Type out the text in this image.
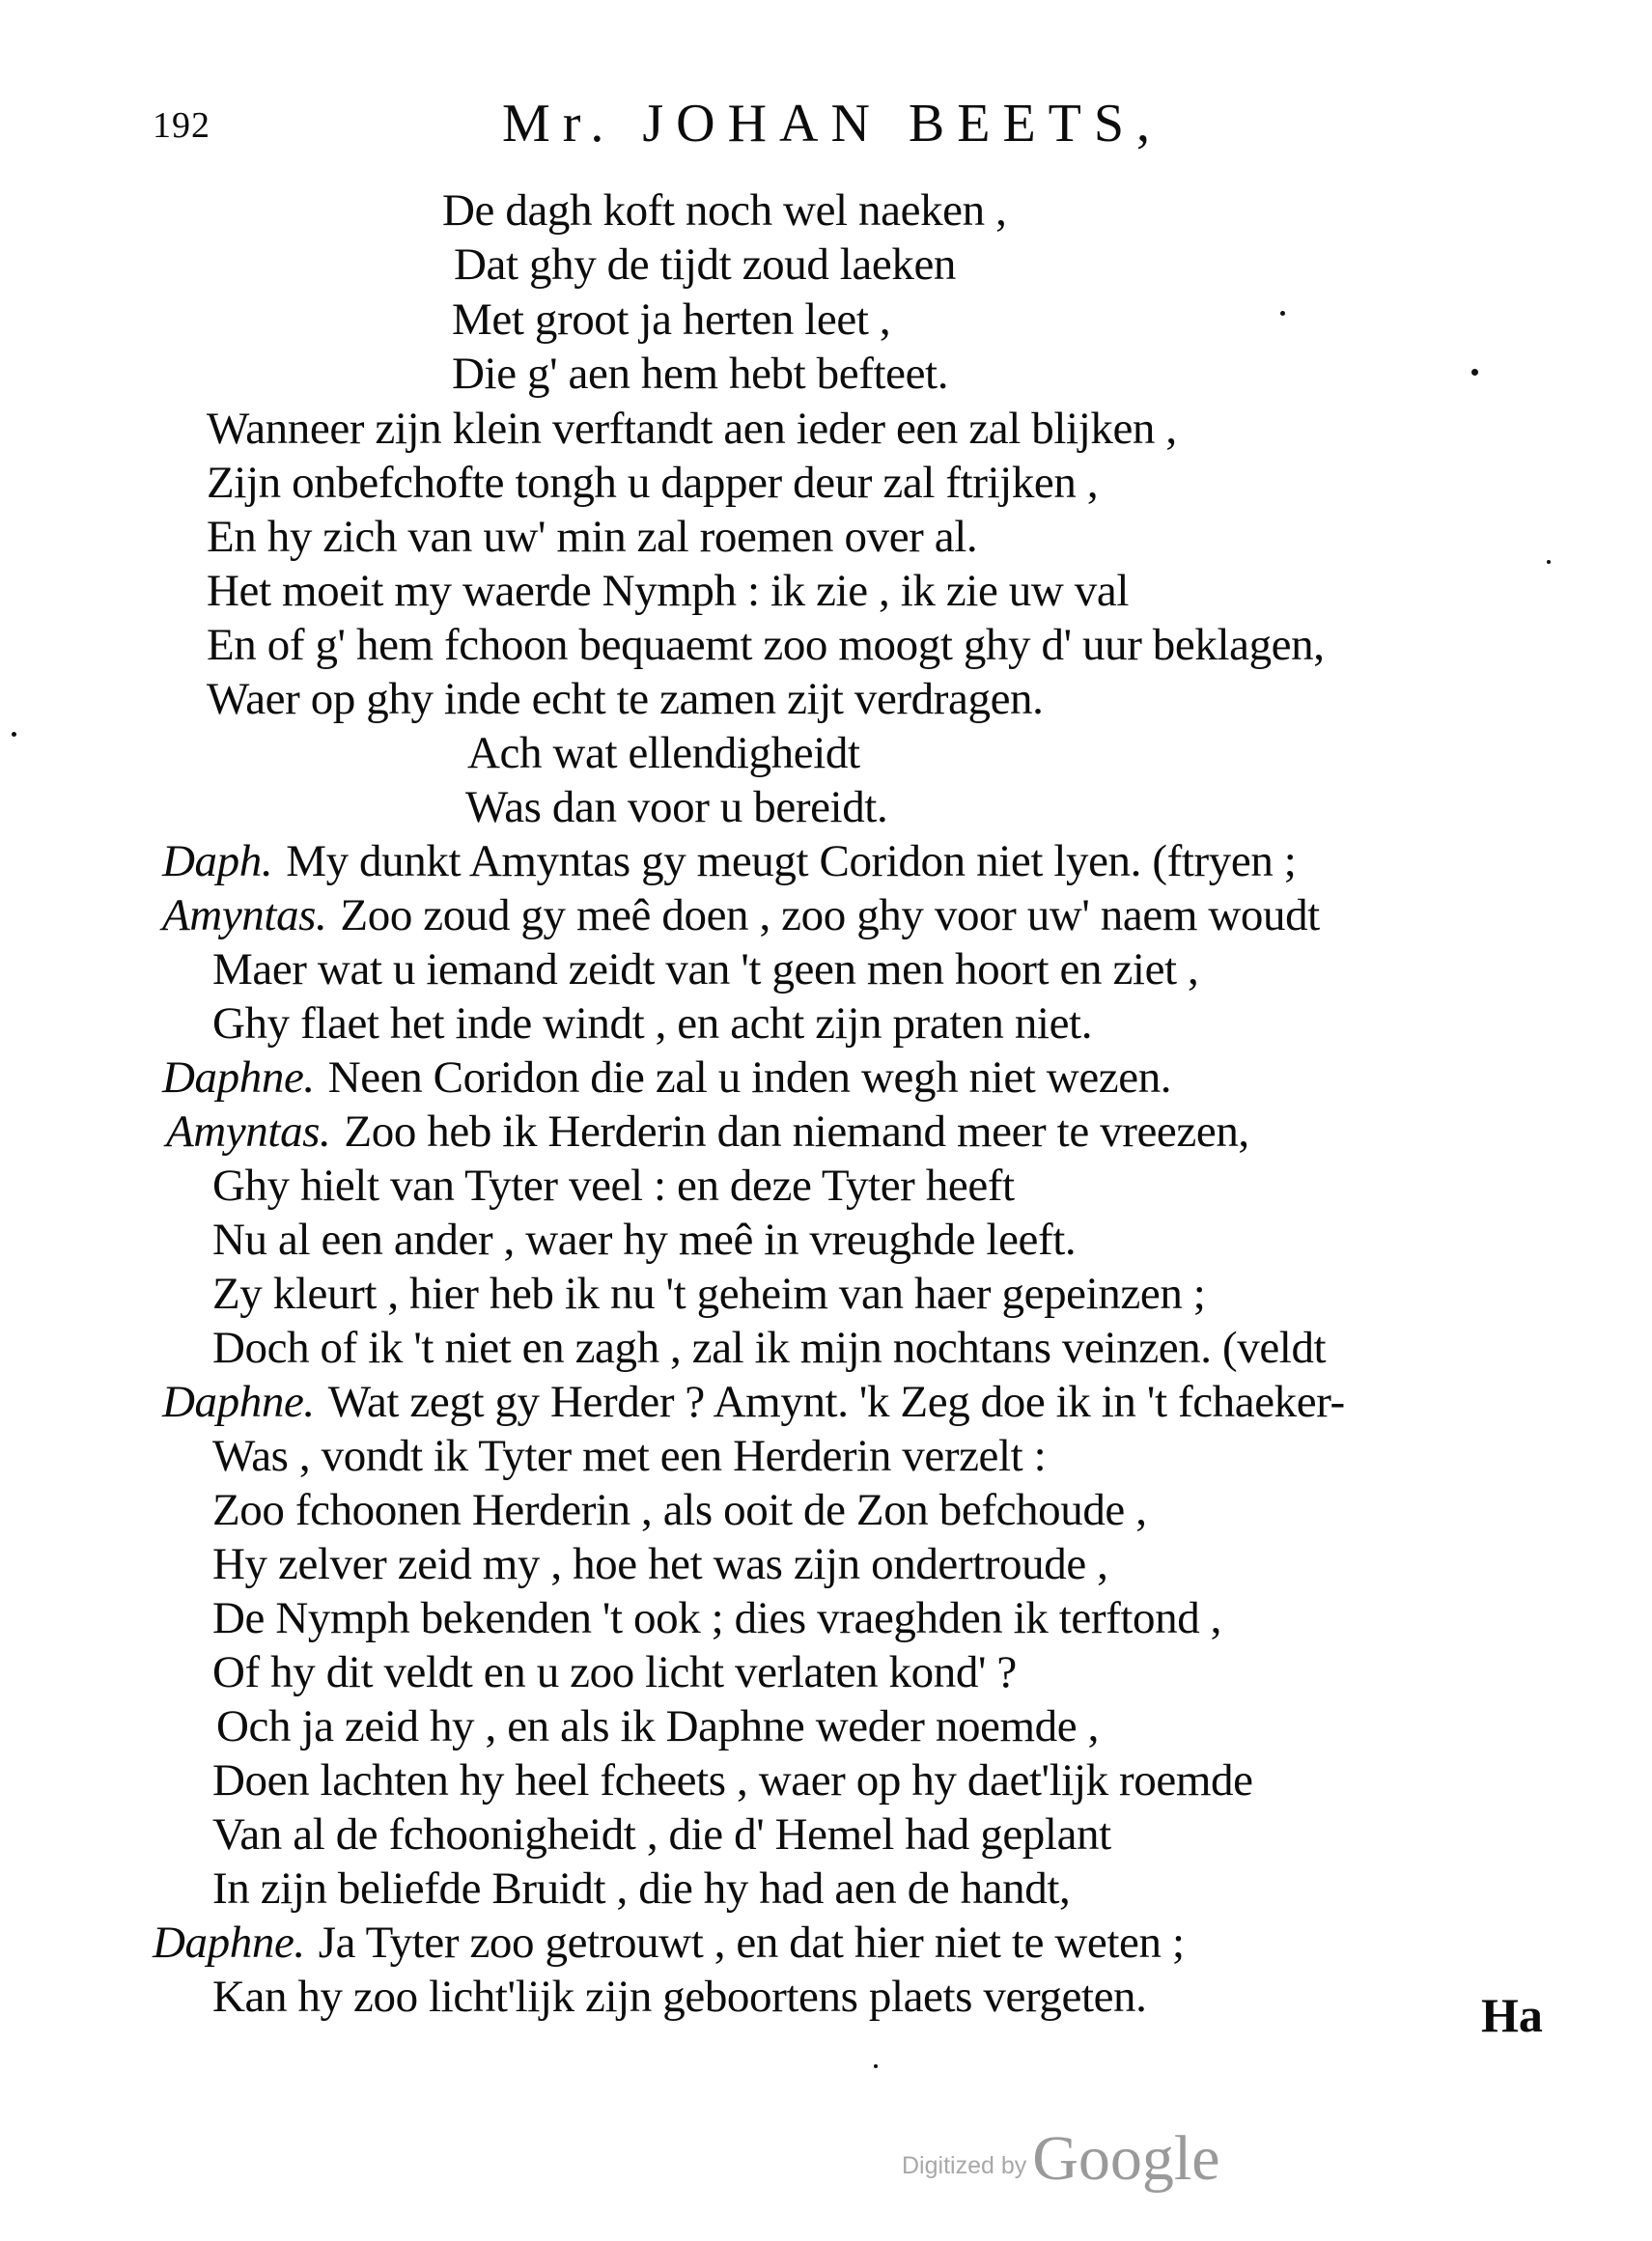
192	Mr. JOHAN BEETS,
De dagh koft noch wel naeken ,
Dat ghy de tijdt zoud laeken
Met groot ja herten leet ,
Die g' aen hem hebt befteet.
Wanneer zijn klein verftandt aen ieder een zal blijken ,
Zijn onbefchofte tongh u dapper deur zal ftrijken ,
En hy zich van uw' min zal roemen over al.
Het moeit my waerde Nymph : ik zie , ik zie uw val
En of g' hem fchoon bequaemt zoo moogt ghy d' uur beklagen,
Waer op ghy inde echt te zamen zijt verdragen.
Ach wat ellendigheidt
Was dan voor u bereidt.
Daph. My dunkt Amyntas gy meugt Coridon niet lyen. (ftryen ;
Amyntas. Zoo zoud gy meê doen , zoo ghy voor uw' naem woudt
Maer wat u iemand zeidt van 't geen men hoort en ziet ,
Ghy flaet het inde windt , en acht zijn praten niet.
Daphne. Neen Coridon die zal u inden wegh niet wezen.
Amyntas. Zoo heb ik Herderin dan niemand meer te vreezen,
Ghy hielt van Tyter veel : en deze Tyter heeft
Nu al een ander , waer hy meê in vreughde leeft.
Zy kleurt , hier heb ik nu 't geheim van haer gepeinzen ;
Doch of ik 't niet en zagh , zal ik mijn nochtans veinzen. (veldt
Daphne. Wat zegt gy Herder ? Amynt. 'k Zeg doe ik in 't fchaeker-
Was , vondt ik Tyter met een Herderin verzelt :
Zoo fchoonen Herderin , als ooit de Zon befchoude ,
Hy zelver zeid my , hoe het was zijn ondertroude ,
De Nymph bekenden 't ook ; dies vraeghden ik terftond ,
Of hy dit veldt en u zoo licht verlaten kond' ?
Och ja zeid hy , en als ik Daphne weder noemde ,
Doen lachten hy heel fcheets , waer op hy daet'lijk roemde
Van al de fchoonigheidt , die d' Hemel had geplant
In zijn beliefde Bruidt , die hy had aen de handt,
Daphne. Ja Tyter zoo getrouwt , en dat hier niet te weten ;
Kan hy zoo licht'lijk zijn geboortens plaets vergeten.	Ha
Digitized byGoogle
